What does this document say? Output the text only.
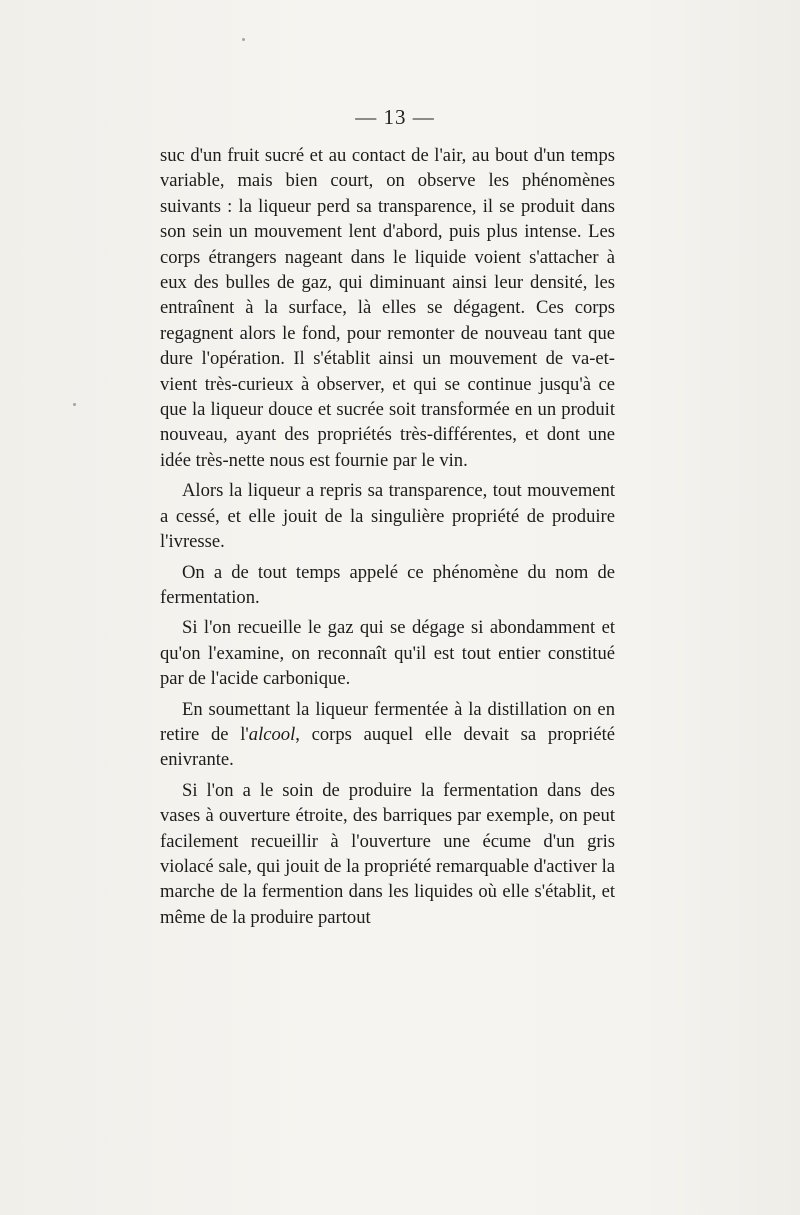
— 13 —

suc d'un fruit sucré et au contact de l'air, au bout d'un temps variable, mais bien court, on observe les phénomènes suivants : la liqueur perd sa transparence, il se produit dans son sein un mouvement lent d'abord, puis plus intense. Les corps étrangers nageant dans le liquide voient s'attacher à eux des bulles de gaz, qui diminuant ainsi leur densité, les entraînent à la surface, là elles se dégagent. Ces corps regagnent alors le fond, pour remonter de nouveau tant que dure l'opération. Il s'établit ainsi un mouvement de va-et-vient très-curieux à observer, et qui se continue jusqu'à ce que la liqueur douce et sucrée soit transformée en un produit nouveau, ayant des propriétés très-différentes, et dont une idée très-nette nous est fournie par le vin.

Alors la liqueur a repris sa transparence, tout mouvement a cessé, et elle jouit de la singulière propriété de produire l'ivresse.

On a de tout temps appelé ce phénomène du nom de fermentation.

Si l'on recueille le gaz qui se dégage si abondamment et qu'on l'examine, on reconnaît qu'il est tout entier constitué par de l'acide carbonique.

En soumettant la liqueur fermentée à la distillation on en retire de l'alcool, corps auquel elle devait sa propriété enivrante.

Si l'on a le soin de produire la fermentation dans des vases à ouverture étroite, des barriques par exemple, on peut facilement recueillir à l'ouverture une écume d'un gris violacé sale, qui jouit de la propriété remarquable d'activer la marche de la fermention dans les liquides où elle s'établit, et même de la produire partout
